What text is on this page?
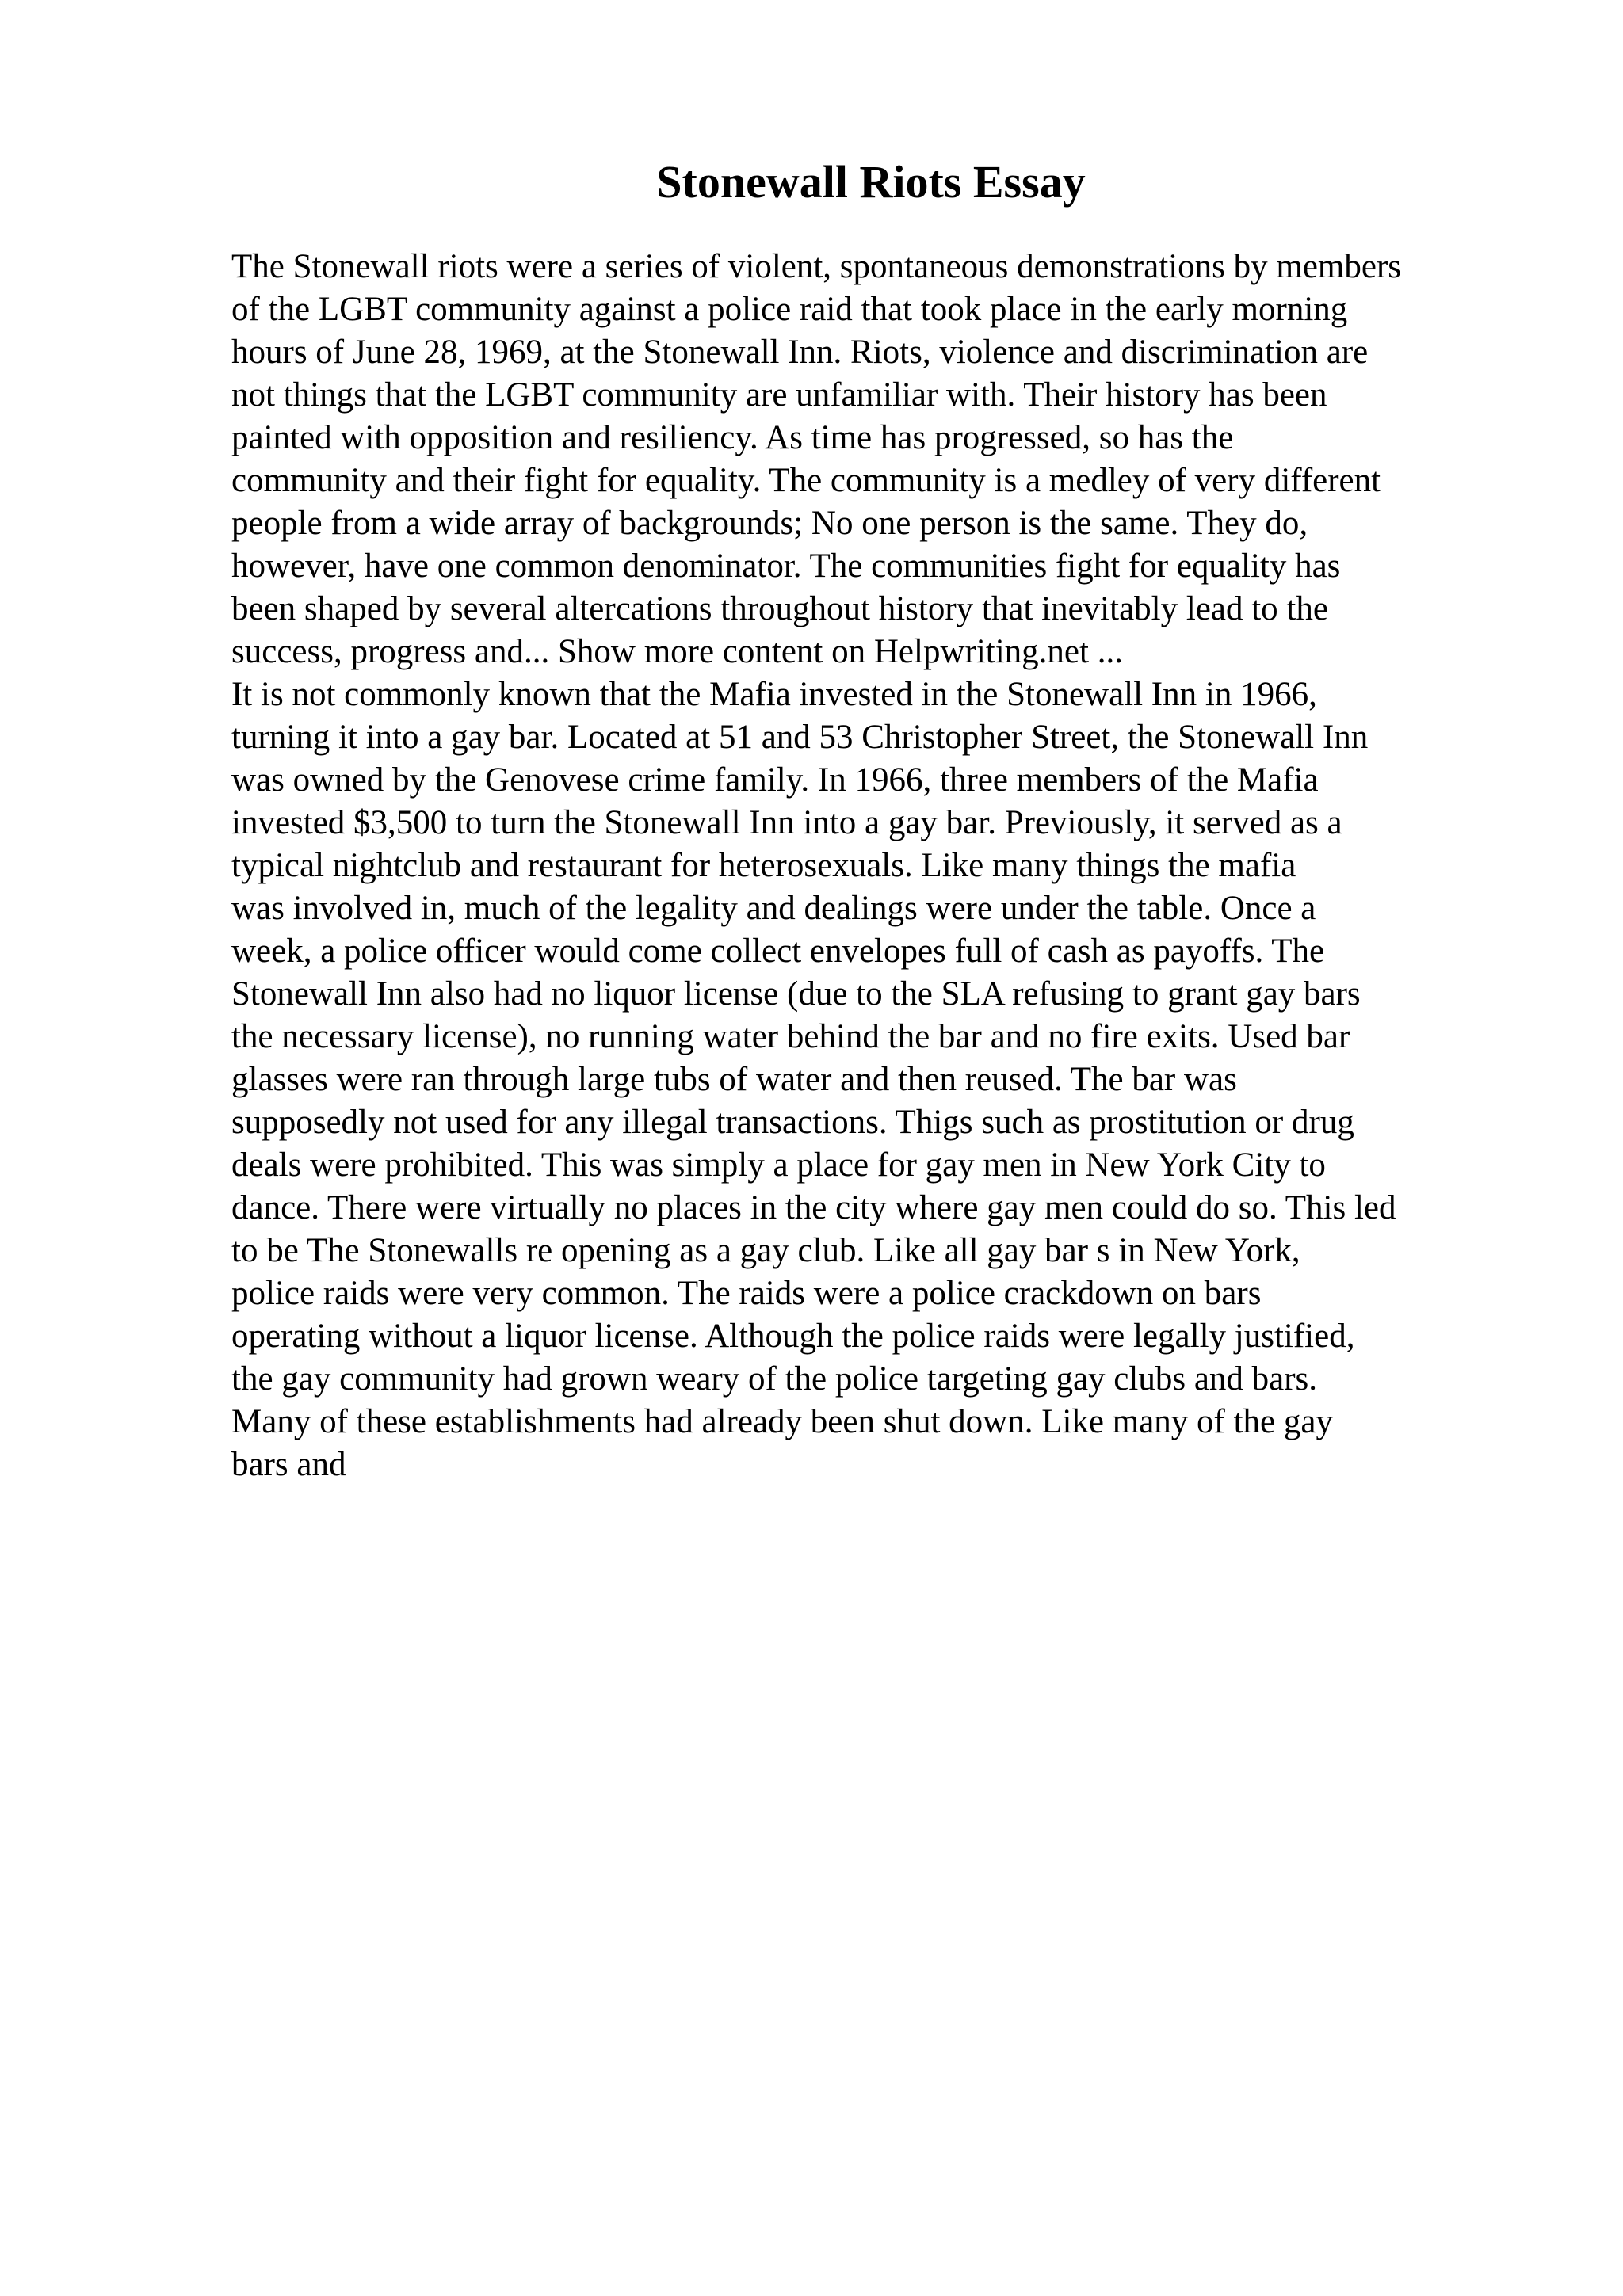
Stonewall Riots Essay
The Stonewall riots were a series of violent, spontaneous demonstrations by members
of the LGBT community against a police raid that took place in the early morning
hours of June 28, 1969, at the Stonewall Inn. Riots, violence and discrimination are
not things that the LGBT community are unfamiliar with. Their history has been
painted with opposition and resiliency. As time has progressed, so has the
community and their fight for equality. The community is a medley of very different
people from a wide array of backgrounds; No one person is the same. They do,
however, have one common denominator. The communities fight for equality has
been shaped by several altercations throughout history that inevitably lead to the
success, progress and... Show more content on Helpwriting.net ...
It is not commonly known that the Mafia invested in the Stonewall Inn in 1966,
turning it into a gay bar. Located at 51 and 53 Christopher Street, the Stonewall Inn
was owned by the Genovese crime family. In 1966, three members of the Mafia
invested $3,500 to turn the Stonewall Inn into a gay bar. Previously, it served as a
typical nightclub and restaurant for heterosexuals. Like many things the mafia
was involved in, much of the legality and dealings were under the table. Once a
week, a police officer would come collect envelopes full of cash as payoffs. The
Stonewall Inn also had no liquor license (due to the SLA refusing to grant gay bars
the necessary license), no running water behind the bar and no fire exits. Used bar
glasses were ran through large tubs of water and then reused. The bar was
supposedly not used for any illegal transactions. Thigs such as prostitution or drug
deals were prohibited. This was simply a place for gay men in New York City to
dance. There were virtually no places in the city where gay men could do so. This led
to be The Stonewalls re opening as a gay club. Like all gay bar s in New York,
police raids were very common. The raids were a police crackdown on bars
operating without a liquor license. Although the police raids were legally justified,
the gay community had grown weary of the police targeting gay clubs and bars.
Many of these establishments had already been shut down. Like many of the gay
bars and
